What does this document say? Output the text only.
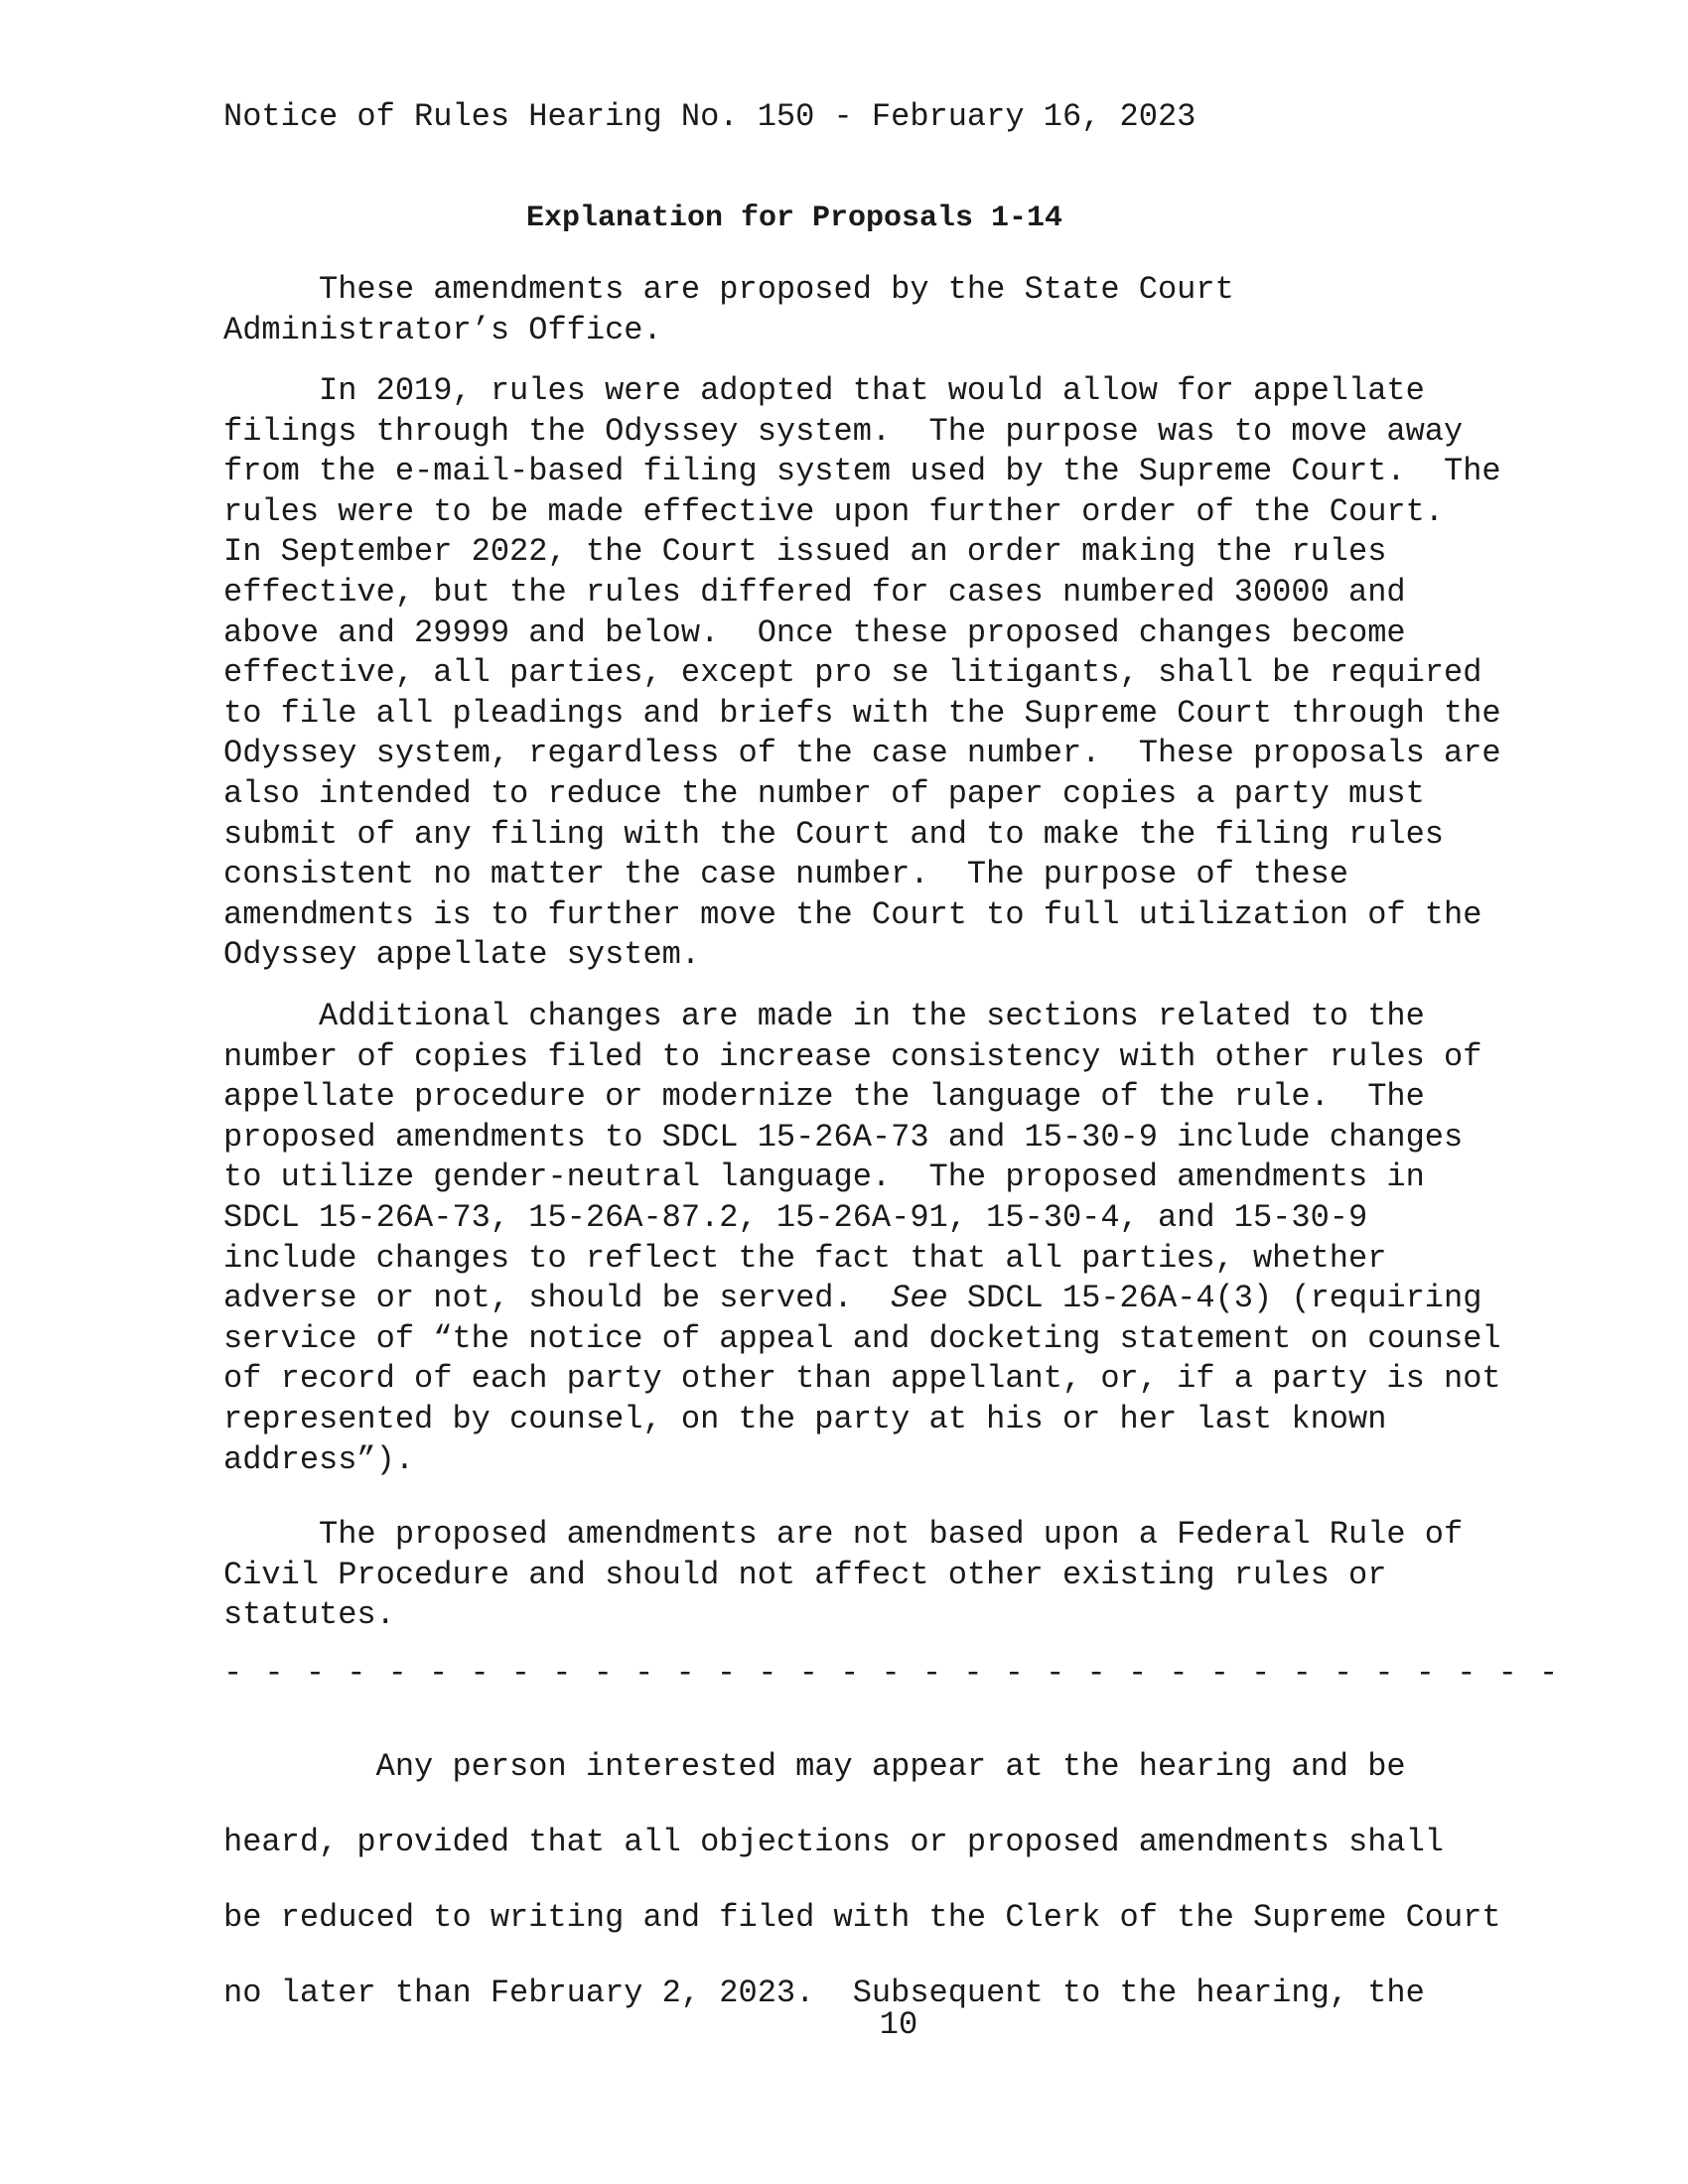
Notice of Rules Hearing No. 150 - February 16, 2023
Explanation for Proposals 1-14
These amendments are proposed by the State Court
Administrator’s Office.
In 2019, rules were adopted that would allow for appellate
filings through the Odyssey system.  The purpose was to move away
from the e-mail-based filing system used by the Supreme Court.  The
rules were to be made effective upon further order of the Court.
In September 2022, the Court issued an order making the rules
effective, but the rules differed for cases numbered 30000 and
above and 29999 and below.  Once these proposed changes become
effective, all parties, except pro se litigants, shall be required
to file all pleadings and briefs with the Supreme Court through the
Odyssey system, regardless of the case number.  These proposals are
also intended to reduce the number of paper copies a party must
submit of any filing with the Court and to make the filing rules
consistent no matter the case number.  The purpose of these
amendments is to further move the Court to full utilization of the
Odyssey appellate system.
Additional changes are made in the sections related to the
number of copies filed to increase consistency with other rules of
appellate procedure or modernize the language of the rule.  The
proposed amendments to SDCL 15-26A-73 and 15-30-9 include changes
to utilize gender-neutral language.  The proposed amendments in
SDCL 15-26A-73, 15-26A-87.2, 15-26A-91, 15-30-4, and 15-30-9
include changes to reflect the fact that all parties, whether
adverse or not, should be served.  See SDCL 15-26A-4(3) (requiring
service of “the notice of appeal and docketing statement on counsel
of record of each party other than appellant, or, if a party is not
represented by counsel, on the party at his or her last known
address”).
The proposed amendments are not based upon a Federal Rule of
Civil Procedure and should not affect other existing rules or
statutes.
- - - - - - - - - - - - - - - - - - - - - - - - - - - - - - - - -
Any person interested may appear at the hearing and be
heard, provided that all objections or proposed amendments shall
be reduced to writing and filed with the Clerk of the Supreme Court
no later than February 2, 2023.  Subsequent to the hearing, the
10
